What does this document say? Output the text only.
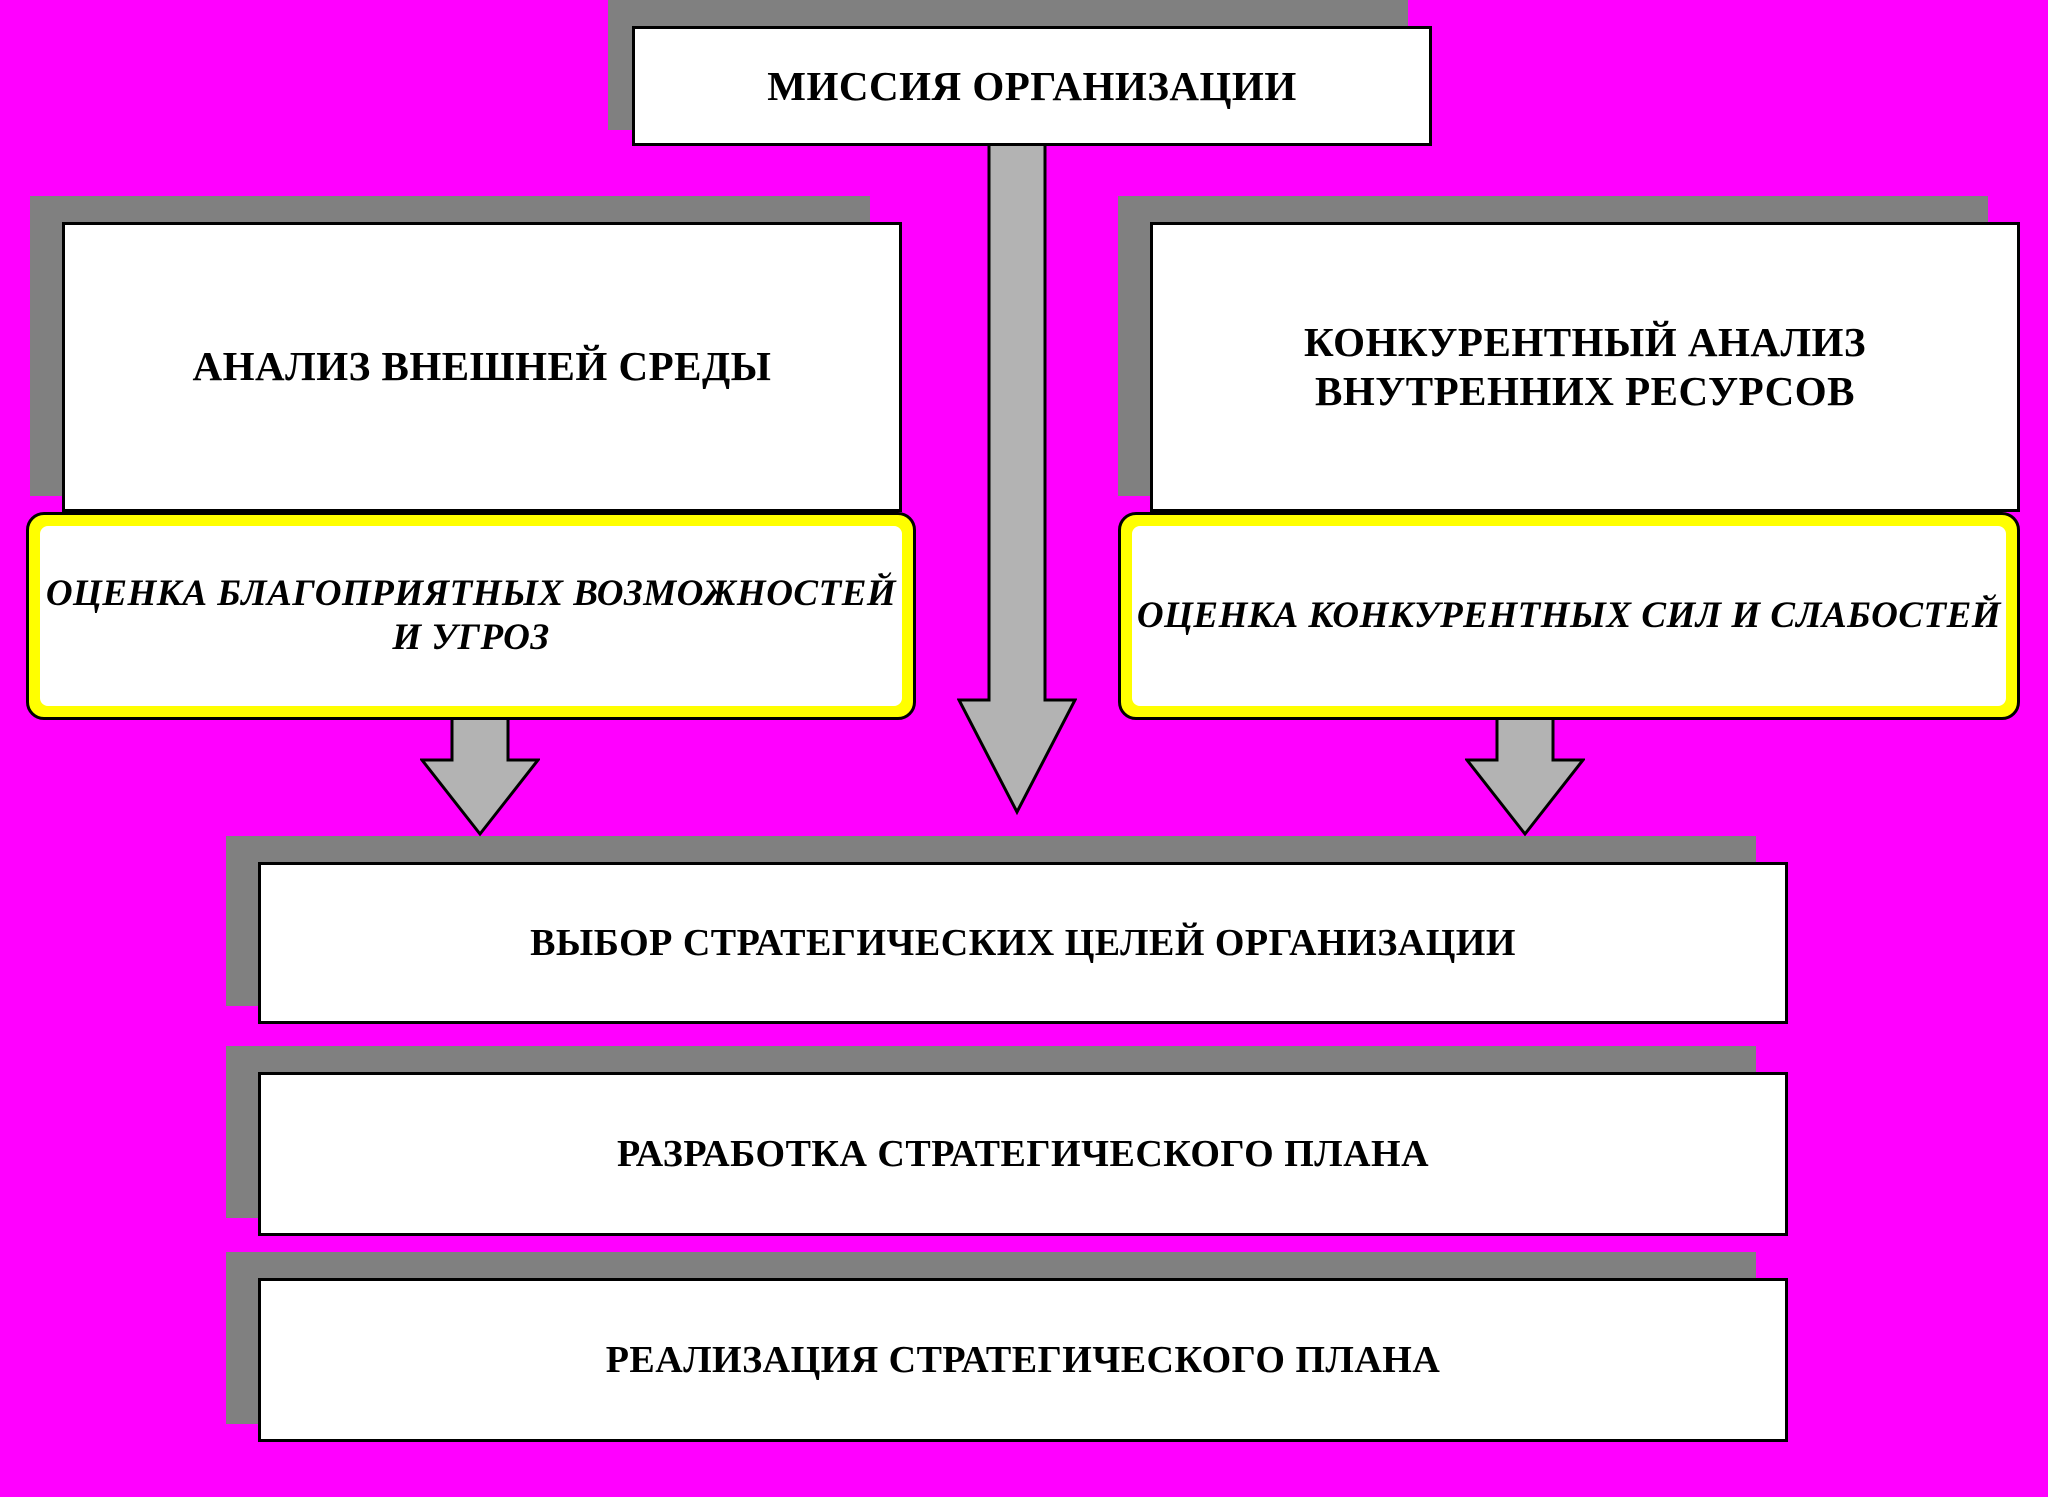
МИССИЯ ОРГАНИЗАЦИИ
АНАЛИЗ ВНЕШНЕЙ СРЕДЫ
КОНКУРЕНТНЫЙ АНАЛИЗ ВНУТРЕННИХ РЕСУРСОВ
ОЦЕНКА БЛАГОПРИЯТНЫХ ВОЗМОЖНОСТЕЙ И УГРОЗ
ОЦЕНКА КОНКУРЕНТНЫХ СИЛ И СЛАБОСТЕЙ
ВЫБОР СТРАТЕГИЧЕСКИХ ЦЕЛЕЙ ОРГАНИЗАЦИИ
РАЗРАБОТКА СТРАТЕГИЧЕСКОГО ПЛАНА
РЕАЛИЗАЦИЯ СТРАТЕГИЧЕСКОГО ПЛАНА
